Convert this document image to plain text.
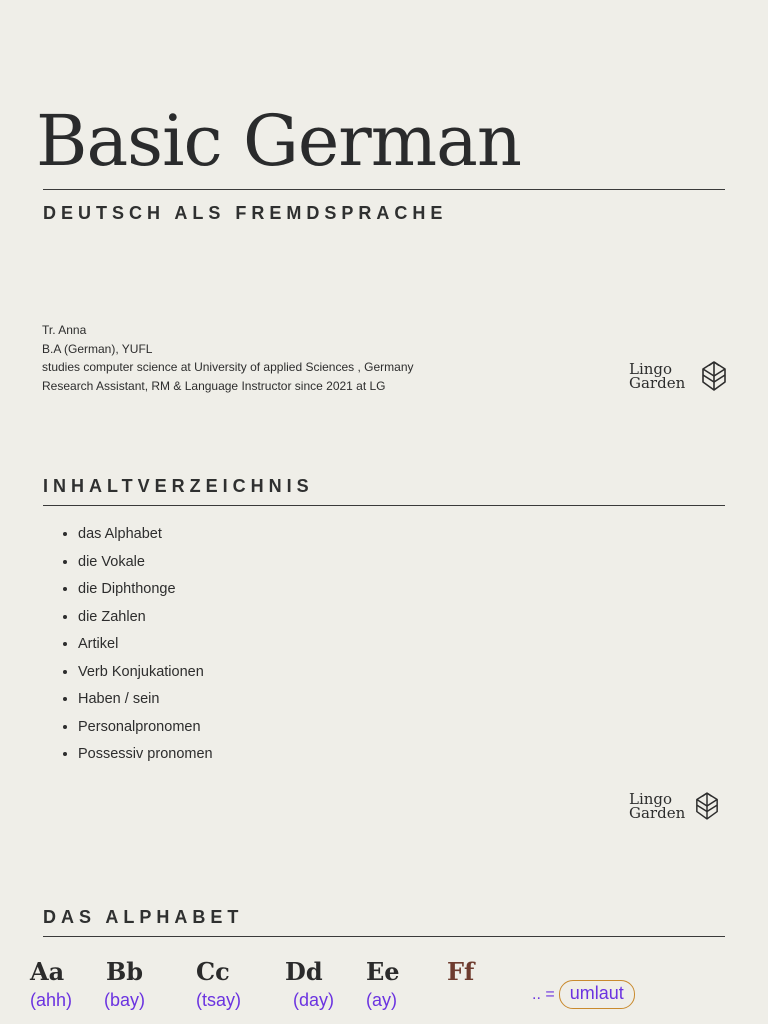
Basic German
DEUTSCH ALS FREMDSPRACHE
Tr. Anna
B.A (German), YUFL
studies computer science at University of applied Sciences , Germany
Research Assistant, RM & Language Instructor since 2021 at LG
Lingo
Garden
INHALTVERZEICHNIS
• das Alphabet
• die Vokale
• die Diphthonge
• die Zahlen
• Artikel
• Verb Konjukationen
• Haben / sein
• Personalpronomen
• Possessiv pronomen
Lingo
Garden
DAS ALPHABET
Aa
(ahh)
Bb
(bay)
Cc
(tsay)
Dd
(day)
Ee
(ay)
Ff
.. = umlaut
